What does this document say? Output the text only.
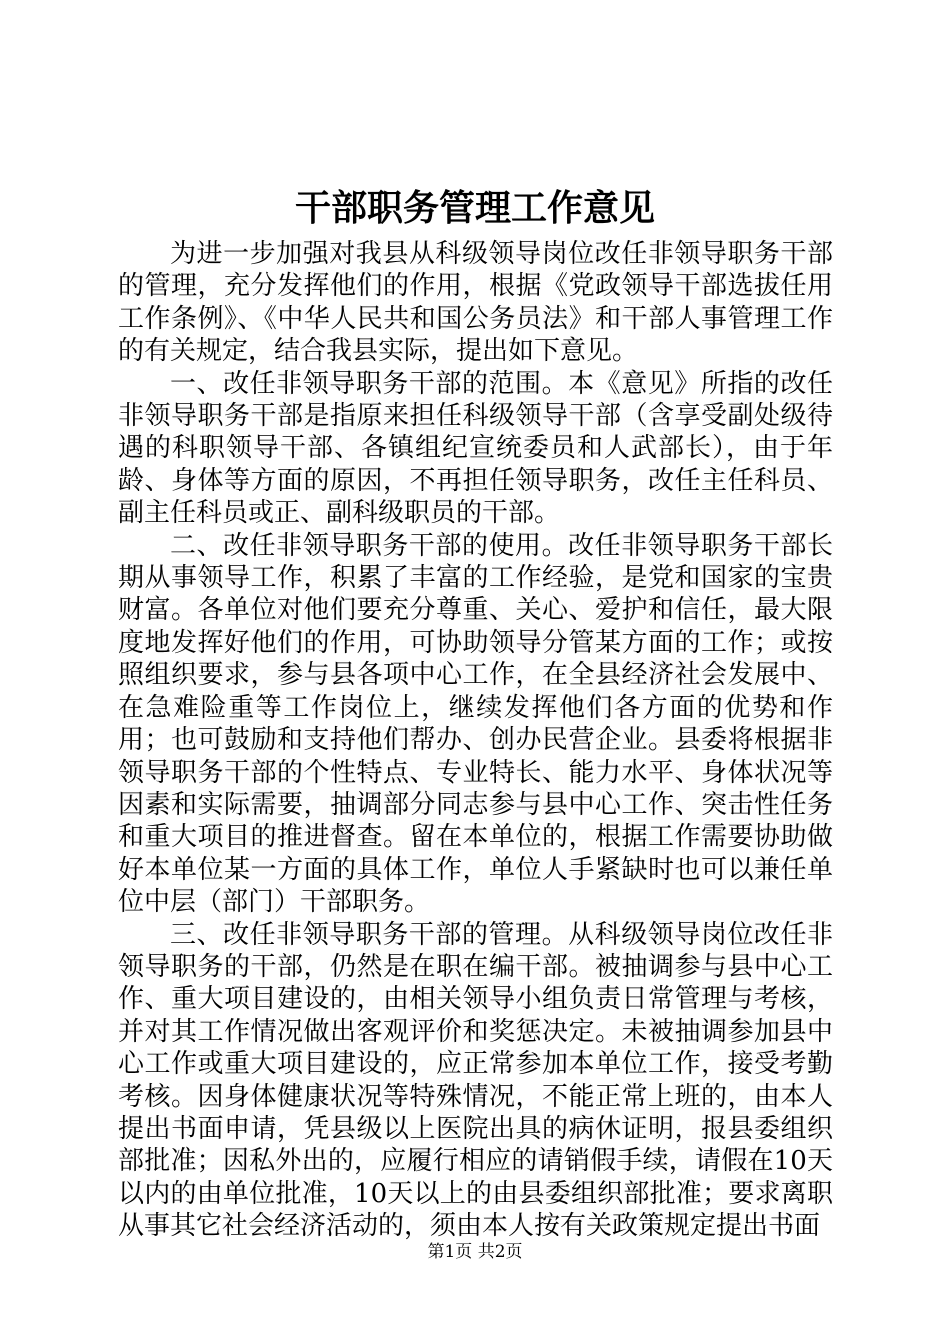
干部职务管理工作意见

为进一步加强对我县从科级领导岗位改任非领导职务干部的管理，充分发挥他们的作用，根据《党政领导干部选拔任用工作条例》、《中华人民共和国公务员法》和干部人事管理工作的有关规定，结合我县实际，提出如下意见。

一、改任非领导职务干部的范围。本《意见》所指的改任非领导职务干部是指原来担任科级领导干部（含享受副处级待遇的科职领导干部、各镇组纪宣统委员和人武部长），由于年龄、身体等方面的原因，不再担任领导职务，改任主任科员、副主任科员或正、副科级职员的干部。

二、改任非领导职务干部的使用。改任非领导职务干部长期从事领导工作，积累了丰富的工作经验，是党和国家的宝贵财富。各单位对他们要充分尊重、关心、爱护和信任，最大限度地发挥好他们的作用，可协助领导分管某方面的工作；或按照组织要求，参与县各项中心工作，在全县经济社会发展中、在急难险重等工作岗位上，继续发挥他们各方面的优势和作用；也可鼓励和支持他们帮办、创办民营企业。县委将根据非领导职务干部的个性特点、专业特长、能力水平、身体状况等因素和实际需要，抽调部分同志参与县中心工作、突击性任务和重大项目的推进督查。留在本单位的，根据工作需要协助做好本单位某一方面的具体工作，单位人手紧缺时也可以兼任单位中层（部门）干部职务。

三、改任非领导职务干部的管理。从科级领导岗位改任非领导职务的干部，仍然是在职在编干部。被抽调参与县中心工作、重大项目建设的，由相关领导小组负责日常管理与考核，并对其工作情况做出客观评价和奖惩决定。未被抽调参加县中心工作或重大项目建设的，应正常参加本单位工作，接受考勤考核。因身体健康状况等特殊情况，不能正常上班的，由本人提出书面申请，凭县级以上医院出具的病休证明，报县委组织部批准；因私外出的，应履行相应的请销假手续，请假在10天以内的由单位批准，10天以上的由县委组织部批准；要求离职从事其它社会经济活动的，须由本人按有关政策规定提出书面

第1页 共2页
